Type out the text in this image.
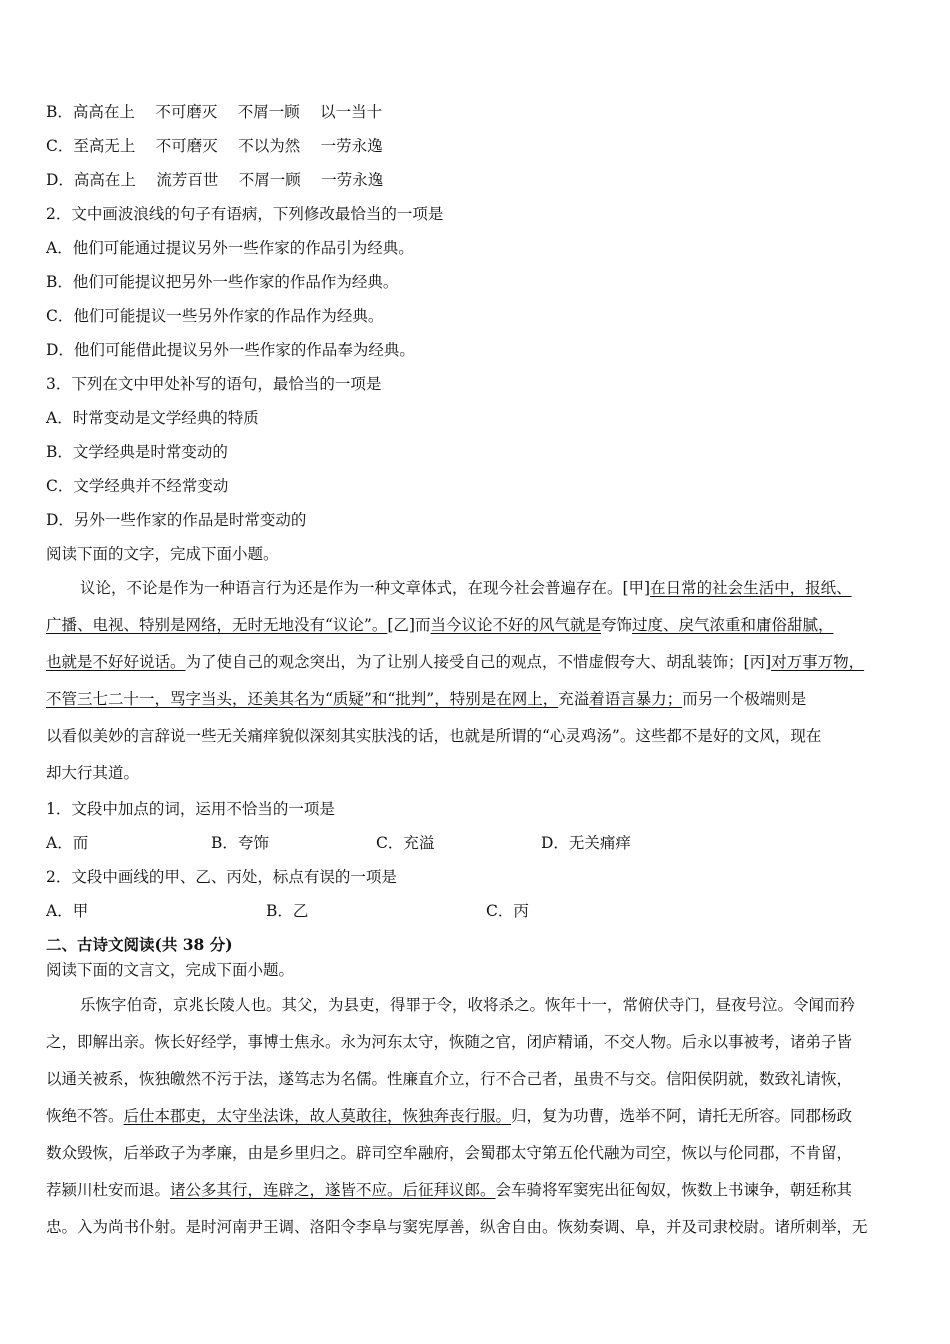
B．高高在上　 不可磨灭　 不屑一顾　 以一当十
C．至高无上　 不可磨灭　 不以为然　 一劳永逸
D．高高在上　 流芳百世　 不屑一顾　 一劳永逸
2．文中画波浪线的句子有语病，下列修改最恰当的一项是
A．他们可能通过提议另外一些作家的作品引为经典。
B．他们可能提议把另外一些作家的作品作为经典。
C．他们可能提议一些另外作家的作品作为经典。
D．他们可能借此提议另外一些作家的作品奉为经典。
3．下列在文中甲处补写的语句，最恰当的一项是
A．时常变动是文学经典的特质
B．文学经典是时常变动的
C．文学经典并不经常变动
D．另外一些作家的作品是时常变动的
阅读下面的文字，完成下面小题。
议论，不论是作为一种语言行为还是作为一种文章体式，在现今社会普遍存在。[甲]在日常的社会生活中，报纸、
广播、电视、特别是网络，无时无地没有“议论”。[乙]而当今议论不好的风气就是夸饰过度、戾气浓重和庸俗甜腻，
也就是不好好说话。为了使自己的观念突出，为了让别人接受自己的观点，不惜虚假夸大、胡乱装饰；[丙]对万事万物，
不管三七二十一，骂字当头，还美其名为“质疑”和“批判”，特别是在网上，充溢着语言暴力；而另一个极端则是
以看似美妙的言辞说一些无关痛痒貌似深刻其实肤浅的话，也就是所谓的“心灵鸡汤”。这些都不是好的文风，现在
却大行其道。
1．文段中加点的词，运用不恰当的一项是
A．而	B．夸饰	C．充溢	D．无关痛痒
2．文段中画线的甲、乙、丙处，标点有误的一项是
A．甲	B．乙	C．丙
二、古诗文阅读(共 38 分)
阅读下面的文言文，完成下面小题。
乐恢字伯奇，京兆长陵人也。其父，为县吏，得罪于令，收将杀之。恢年十一，常俯伏寺门，昼夜号泣。令闻而矜
之，即解出亲。恢长好经学，事博士焦永。永为河东太守，恢随之官，闭庐精诵，不交人物。后永以事被考，诸弟子皆
以通关被系，恢独皦然不污于法，遂笃志为名儒。性廉直介立，行不合己者，虽贵不与交。信阳侯阴就，数致礼请恢，
恢绝不答。后仕本郡吏，太守坐法诛，故人莫敢往，恢独奔丧行服。归，复为功曹，选举不阿，请托无所容。同郡杨政
数众毁恢，后举政子为孝廉，由是乡里归之。辟司空牟融府，会蜀郡太守第五伦代融为司空，恢以与伦同郡，不肯留，
荐颍川杜安而退。诸公多其行，连辟之，遂皆不应。后征拜议郎。会车骑将军窦宪出征匈奴，恢数上书谏争，朝廷称其
忠。入为尚书仆射。是时河南尹王调、洛阳令李阜与窦宪厚善，纵舍自由。恢劾奏调、阜，并及司隶校尉。诸所刺举，无
